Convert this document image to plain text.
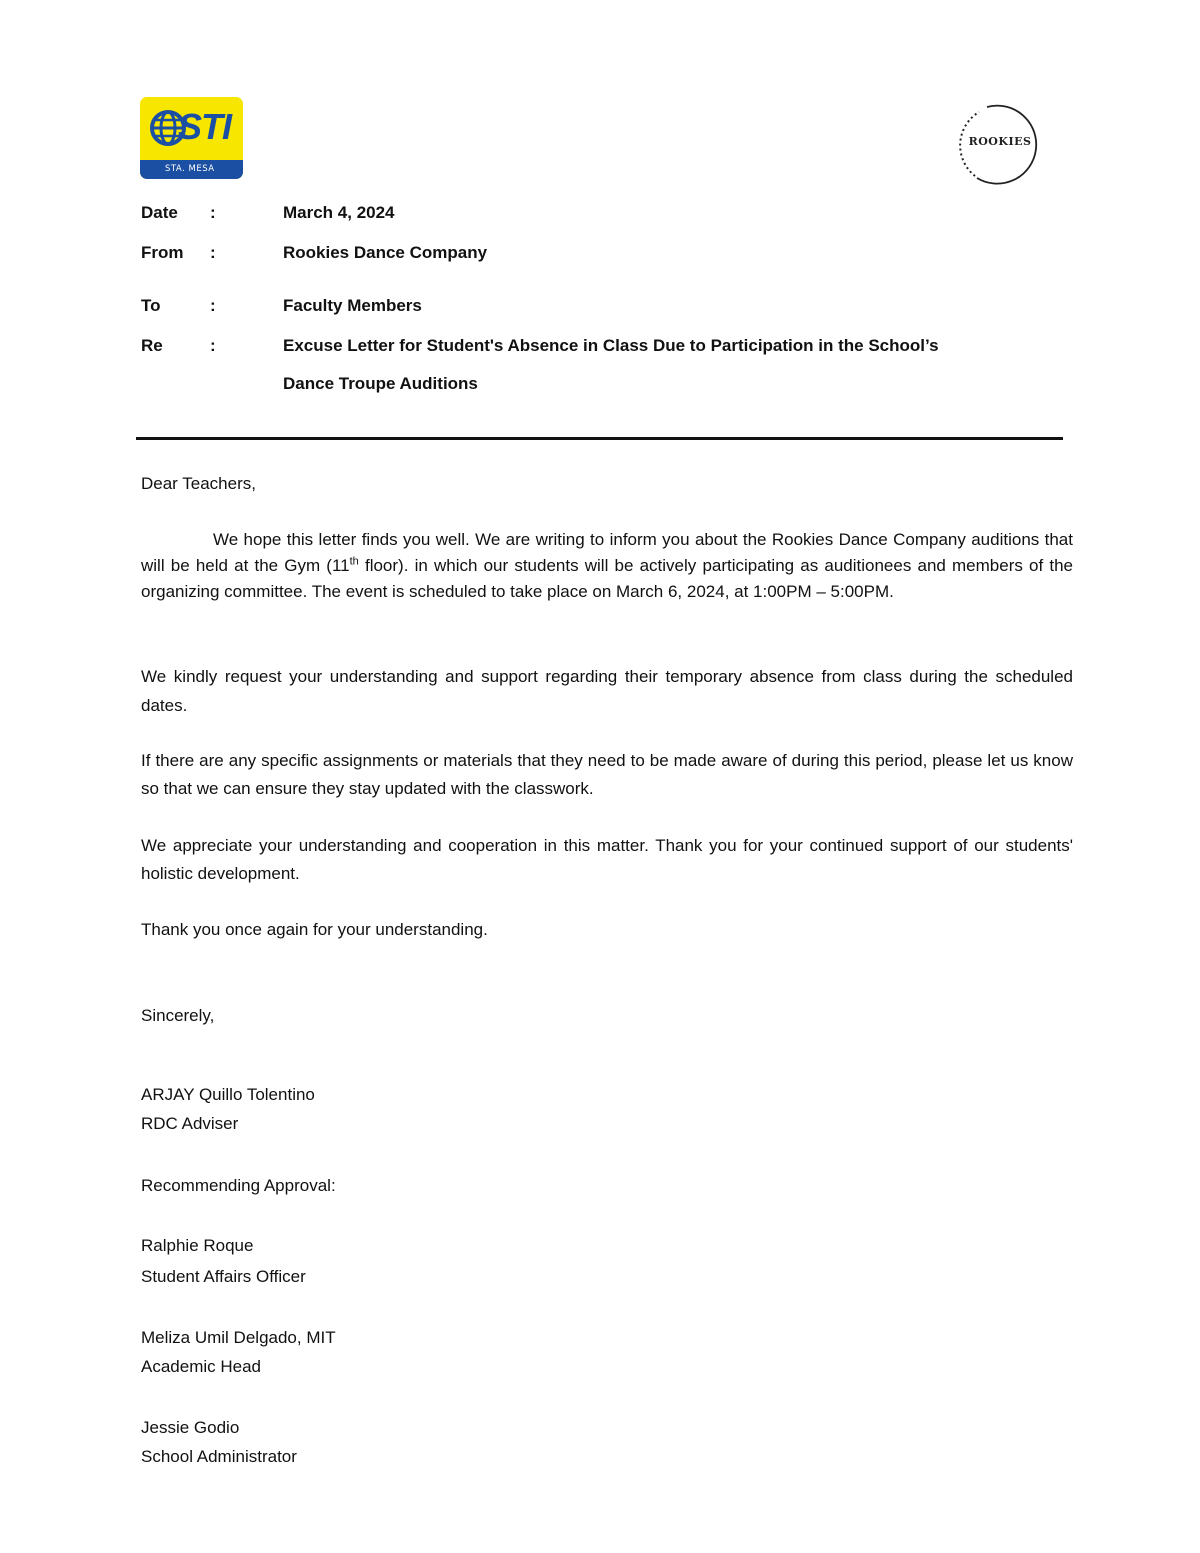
STI
STA. MESA
ROOKIES
Date :	March 4, 2024
From :	Rookies Dance Company
To	:	Faculty Members
Re	:	Excuse Letter for Student's Absence in Class Due to Participation in the School’s
Dance Troupe Auditions
Dear Teachers,
We hope this letter finds you well. We are writing to inform you about the Rookies Dance Company auditions that will be held at the Gym (11th floor). in which our students will be actively participating as auditionees and members of the organizing committee. The event is scheduled to take place on March 6, 2024, at 1:00PM – 5:00PM.
We kindly request your understanding and support regarding their temporary absence from class during the scheduled dates.
If there are any specific assignments or materials that they need to be made aware of during this period, please let us know so that we can ensure they stay updated with the classwork.
We appreciate your understanding and cooperation in this matter. Thank you for your continued support of our students' holistic development.
Thank you once again for your understanding.
Sincerely,
ARJAY Quillo Tolentino
RDC Adviser
Recommending Approval:
Ralphie Roque
Student Affairs Officer
Meliza Umil Delgado, MIT
Academic Head
Jessie Godio
School Administrator
